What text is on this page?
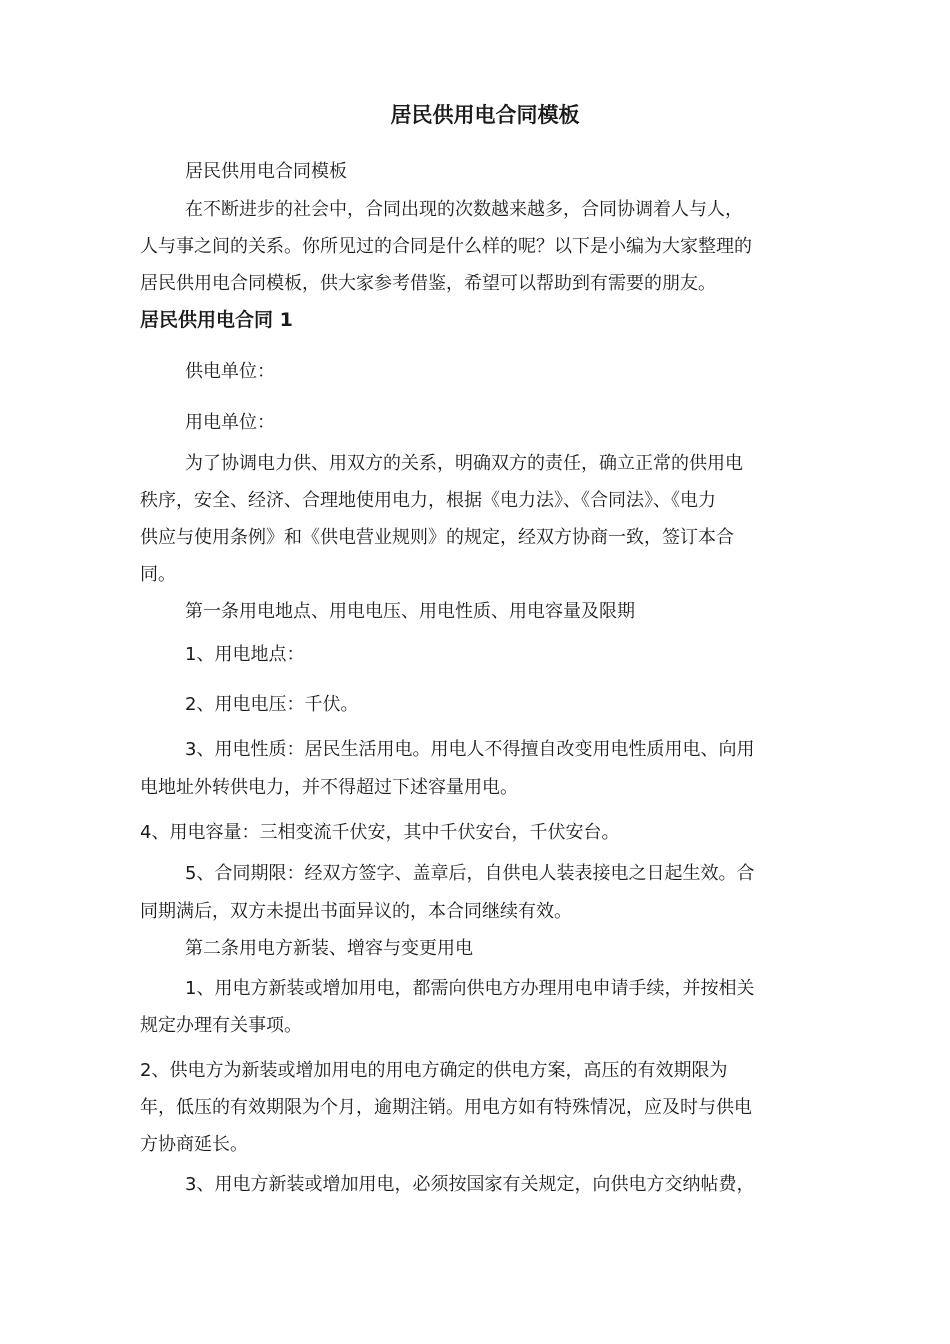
居民供用电合同模板

居民供用电合同模板

在不断进步的社会中，合同出现的次数越来越多，合同协调着人与人，

人与事之间的关系。你所见过的合同是什么样的呢？以下是小编为大家整理的

居民供用电合同模板，供大家参考借鉴，希望可以帮助到有需要的朋友。

居民供用电合同 1

供电单位：

用电单位：

为了协调电力供、用双方的关系，明确双方的责任，确立正常的供用电

秩序，安全、经济、合理地使用电力，根据《电力法》、《合同法》、《电力

供应与使用条例》和《供电营业规则》的规定，经双方协商一致，签订本合

同。

第一条用电地点、用电电压、用电性质、用电容量及限期

1、用电地点：

2、用电电压：千伏。

3、用电性质：居民生活用电。用电人不得擅自改变用电性质用电、向用

电地址外转供电力，并不得超过下述容量用电。

4、用电容量：三相变流千伏安，其中千伏安台，千伏安台。

5、合同期限：经双方签字、盖章后，自供电人装表接电之日起生效。合

同期满后，双方未提出书面异议的，本合同继续有效。

第二条用电方新装、增容与变更用电

1、用电方新装或增加用电，都需向供电方办理用电申请手续，并按相关

规定办理有关事项。

2、供电方为新装或增加用电的用电方确定的供电方案，高压的有效期限为

年，低压的有效期限为个月，逾期注销。用电方如有特殊情况，应及时与供电

方协商延长。

3、用电方新装或增加用电，必须按国家有关规定，向供电方交纳帖费，
